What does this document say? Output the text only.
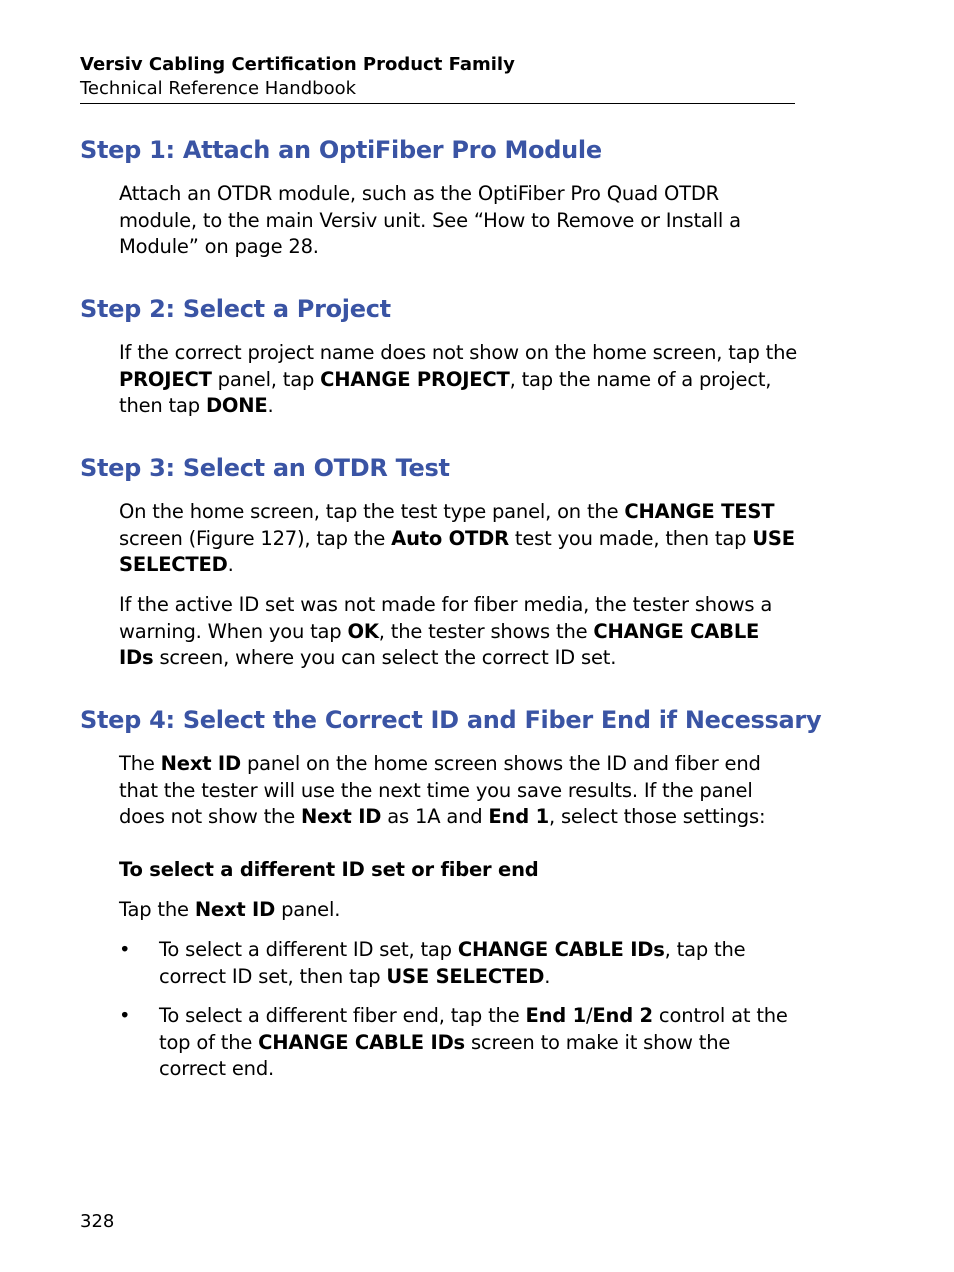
Versiv Cabling Certification Product Family
Technical Reference Handbook
Step 1: Attach an OptiFiber Pro Module

Attach an OTDR module, such as the OptiFiber Pro Quad OTDR module, to the main Versiv unit. See “How to Remove or Install a Module” on page 28.

Step 2: Select a Project

If the correct project name does not show on the home screen, tap the PROJECT panel, tap CHANGE PROJECT, tap the name of a project, then tap DONE.

Step 3: Select an OTDR Test

On the home screen, tap the test type panel, on the CHANGE TEST screen (Figure 127), tap the Auto OTDR test you made, then tap USE SELECTED.

If the active ID set was not made for fiber media, the tester shows a warning. When you tap OK, the tester shows the CHANGE CABLE IDs screen, where you can select the correct ID set.

Step 4: Select the Correct ID and Fiber End if Necessary

The Next ID panel on the home screen shows the ID and fiber end that the tester will use the next time you save results. If the panel does not show the Next ID as 1A and End 1, select those settings:

To select a different ID set or fiber end

Tap the Next ID panel.

• To select a different ID set, tap CHANGE CABLE IDs, tap the correct ID set, then tap USE SELECTED.
• To select a different fiber end, tap the End 1/End 2 control at the top of the CHANGE CABLE IDs screen to make it show the correct end.
328
